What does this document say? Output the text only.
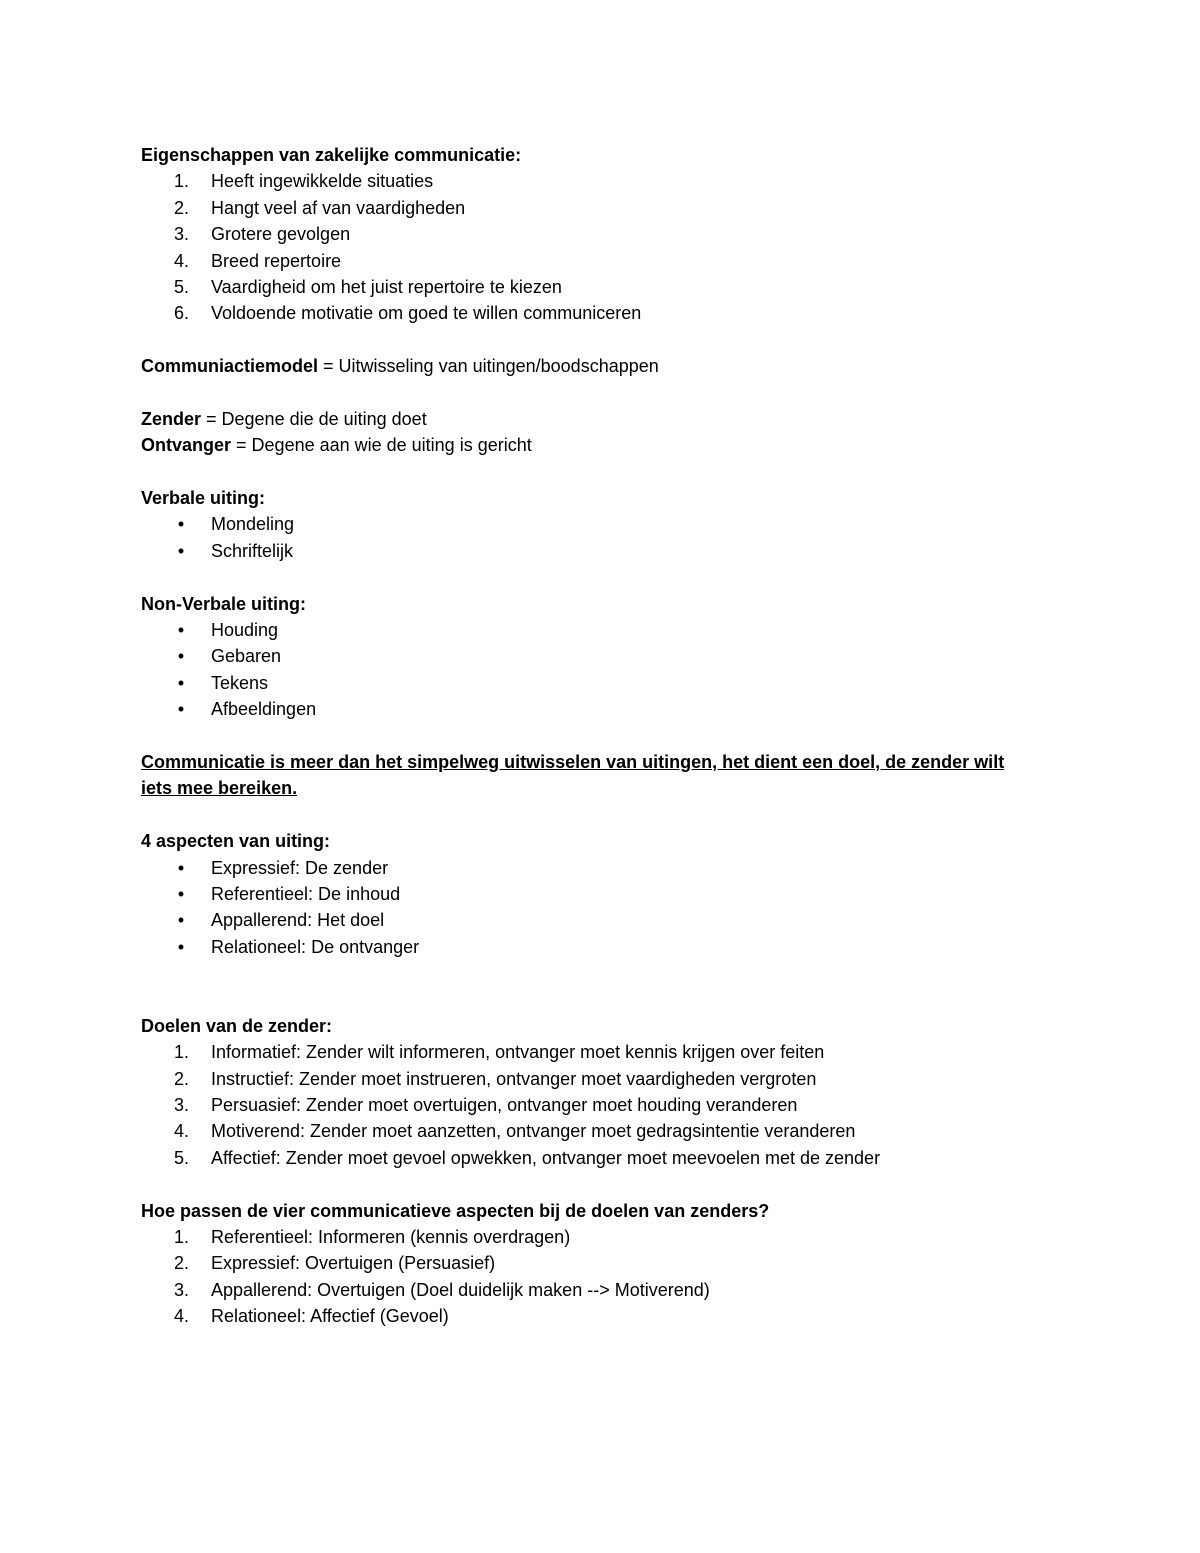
Eigenschappen van zakelijke communicatie:
1.	Heeft ingewikkelde situaties
2.	Hangt veel af van vaardigheden
3.	Grotere gevolgen
4.	Breed repertoire
5.	Vaardigheid om het juist repertoire te kiezen
6.	Voldoende motivatie om goed te willen communiceren
Communiactiemodel = Uitwisseling van uitingen/boodschappen
Zender = Degene die de uiting doet
Ontvanger = Degene aan wie de uiting is gericht
Verbale uiting:
• Mondeling
• Schriftelijk
Non-Verbale uiting:
• Houding
• Gebaren
• Tekens
• Afbeeldingen
Communicatie is meer dan het simpelweg uitwisselen van uitingen, het dient een doel, de zender wilt
iets mee bereiken.
4 aspecten van uiting:
• Expressief: De zender
• Referentieel: De inhoud
• Appallerend: Het doel
• Relationeel: De ontvanger
Doelen van de zender:
1.	Informatief: Zender wilt informeren, ontvanger moet kennis krijgen over feiten
2.	Instructief: Zender moet instrueren, ontvanger moet vaardigheden vergroten
3.	Persuasief: Zender moet overtuigen, ontvanger moet houding veranderen
4.	Motiverend: Zender moet aanzetten, ontvanger moet gedragsintentie veranderen
5.	Affectief: Zender moet gevoel opwekken, ontvanger moet meevoelen met de zender
Hoe passen de vier communicatieve aspecten bij de doelen van zenders?
1.	Referentieel: Informeren (kennis overdragen)
2.	Expressief: Overtuigen (Persuasief)
3.	Appallerend: Overtuigen (Doel duidelijk maken --> Motiverend)
4.	Relationeel: Affectief (Gevoel)
